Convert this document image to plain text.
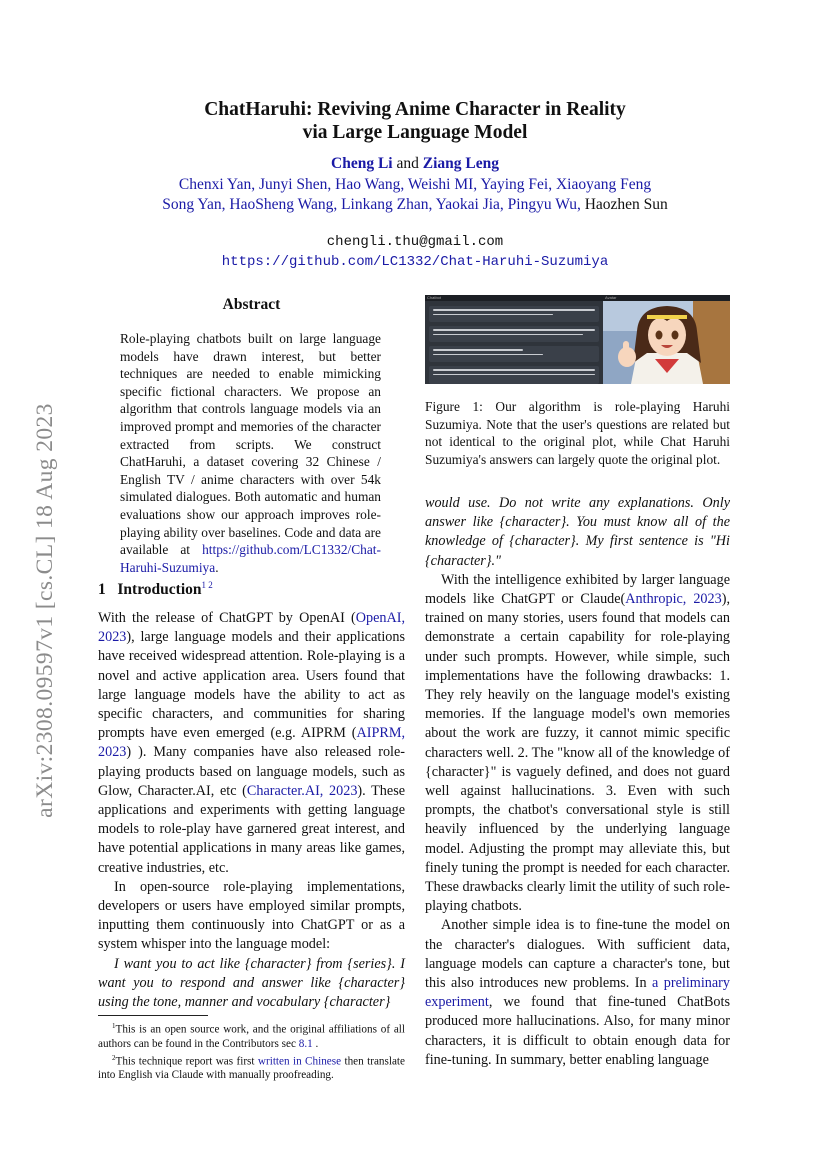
arXiv:2308.09597v1 [cs.CL] 18 Aug 2023
ChatHaruhi: Reviving Anime Character in Reality
via Large Language Model
Cheng Li and Ziang Leng
Chenxi Yan, Junyi Shen, Hao Wang, Weishi MI, Yaying Fei, Xiaoyang Feng
Song Yan, HaoSheng Wang, Linkang Zhan, Yaokai Jia, Pingyu Wu, Haozhen Sun
chengli.thu@gmail.com
https://github.com/LC1332/Chat-Haruhi-Suzumiya
Abstract

Role-playing chatbots built on large language models have drawn interest, but better techniques are needed to enable mimicking specific fictional characters. We propose an algorithm that controls language models via an improved prompt and memories of the character extracted from scripts. We construct ChatHaruhi, a dataset covering 32 Chinese / English TV / anime characters with over 54k simulated dialogues. Both automatic and human evaluations show our approach improves role-playing ability over baselines. Code and data are available at https://github.com/LC1332/Chat-Haruhi-Suzumiya.

1 Introduction$^{1 2}$

With the release of ChatGPT by OpenAI (OpenAI, 2023), large language models and their applications have received widespread attention. Role-playing is a novel and active application area. Users found that large language models have the ability to act as specific characters, and communities for sharing prompts have even emerged (e.g. AIPRM (AIPRM, 2023) ). Many companies have also released role-playing products based on language models, such as Glow, Character.AI, etc (Character.AI, 2023). These applications and experiments with getting language models to role-play have garnered great interest, and have potential applications in many areas like games, creative industries, etc.

In open-source role-playing implementations, developers or users have employed similar prompts, inputting them continuously into ChatGPT or as a system whisper into the language model:

I want you to act like {character} from {series}. I want you to respond and answer like {character} using the tone, manner and vocabulary {character}

$^1$This is an open source work, and the original affiliations of all authors can be found in the Contributors sec 8.1 .

$^2$This technique report was first written in Chinese then translate into English via Claude with manually proofreading.

Chatbot	Avatar

Figure 1: Our algorithm is role-playing Haruhi Suzumiya. Note that the user's questions are related but not identical to the original plot, while Chat Haruhi Suzumiya's answers can largely quote the original plot.

would use. Do not write any explanations. Only answer like {character}. You must know all of the knowledge of {character}. My first sentence is "Hi {character}."

With the intelligence exhibited by larger language models like ChatGPT or Claude(Anthropic, 2023), trained on many stories, users found that models can demonstrate a certain capability for role-playing under such prompts. However, while simple, such implementations have the following drawbacks: 1. They rely heavily on the language model's existing memories. If the language model's own memories about the work are fuzzy, it cannot mimic specific characters well. 2. The "know all of the knowledge of {character}" is vaguely defined, and does not guard well against hallucinations. 3. Even with such prompts, the chatbot's conversational style is still heavily influenced by the underlying language model. Adjusting the prompt may alleviate this, but finely tuning the prompt is needed for each character. These drawbacks clearly limit the utility of such role-playing chatbots.

Another simple idea is to fine-tune the model on the character's dialogues. With sufficient data, language models can capture a character's tone, but this also introduces new problems. In a preliminary experiment, we found that fine-tuned ChatBots produced more hallucinations. Also, for many minor characters, it is difficult to obtain enough data for fine-tuning. In summary, better enabling language
